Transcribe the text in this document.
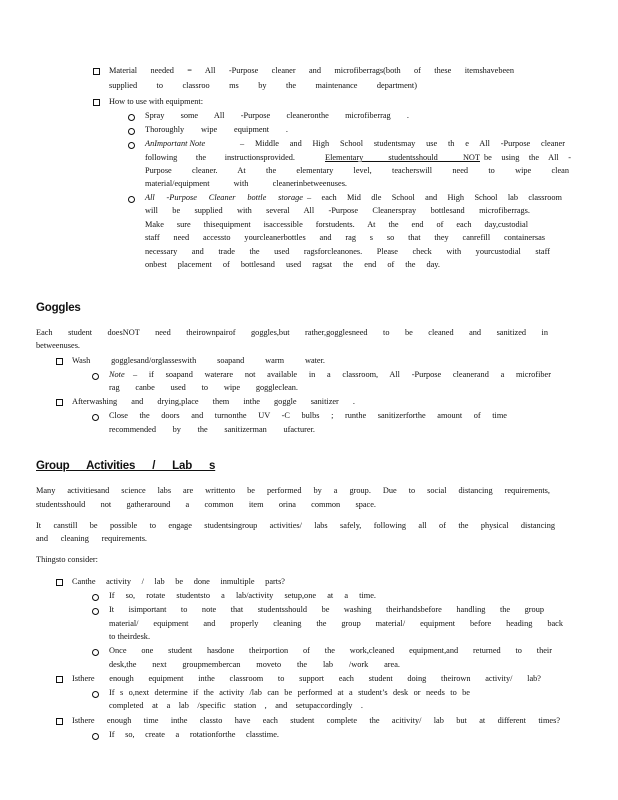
Material needed = All -Purpose cleaner and microfiberrags(both of these itemshavebeen
supplied to classroo ms by the maintenance department)
How to use with equipment:
Spray some All -Purpose cleaneronthe microfiberrag .
Thoroughly wipe equipment .
AnImportant Note	– Middle and High School studentsmay use th e All -Purpose cleaner
following the instructionsprovided.	Elementary studentsshould NOT be using the All -
Purpose cleaner. At the elementary level, teacherswill need to wipe clean
material/equipment with cleanerinbetweenuses.
All -Purpose Cleaner bottle storage – each Mid dle School and High School lab classroom
will be supplied with several All -Purpose Cleanerspray bottlesand microfiberrags.
Make sure thisequipment isaccessible forstudents. At the end of each day,custodial
staff need accessto yourcleanerbottles and rag s so that they canrefill containersas
necessary and trade the used ragsforcleanones. Please check with yourcustodial staff
onbest placement of bottlesand used ragsat the end of the day.
Goggles
Each student doesNOT need theirownpairof goggles,but rather,gogglesneed to be cleaned and sanitized in
betweenuses.
Wash gogglesand/orglasseswith soapand warm water.
Note – if soapand waterare not available in a classroom, All -Purpose cleanerand a microfiber
rag canbe used to wipe goggleclean.
Afterwashing and drying,place them inthe goggle sanitizer .
Close the doors and turnonthe UV -C bulbs ; runthe sanitizerforthe amount of time
recommended by the sanitizerman ufacturer.
Group Activities / Lab s
Many activitiesand science labs are writtento be performed by a group. Due to social distancing requirements,
studentsshould not gatheraround a common item orina common space.
It canstill be possible to engage studentsingroup activities/ labs safely, following all of the physical distancing
and cleaning requirements.
Thingsto consider:
Canthe activity / lab be done inmultiple parts?
If so, rotate studentsto a lab/activity setup,one at a time.
It isimportant to note that studentsshould be washing theirhandsbefore handling the group
material/ equipment and properly cleaning the group material/ equipment before heading back
to theirdesk.
Once one student hasdone theirportion of the work,cleaned equipment,and returned to their
desk,the next groupmembercan moveto the lab /work area.
Isthere enough equipment inthe classroom to support each student doing theirown activity/ lab?
If s o,next determine if the activity /lab can be performed at a student’s desk or needs to be
completed at a lab /specific station , and setupaccordingly .
Isthere enough time inthe classto have each student complete the acitivity/ lab but at different times?
If so, create a rotationforthe classtime.
